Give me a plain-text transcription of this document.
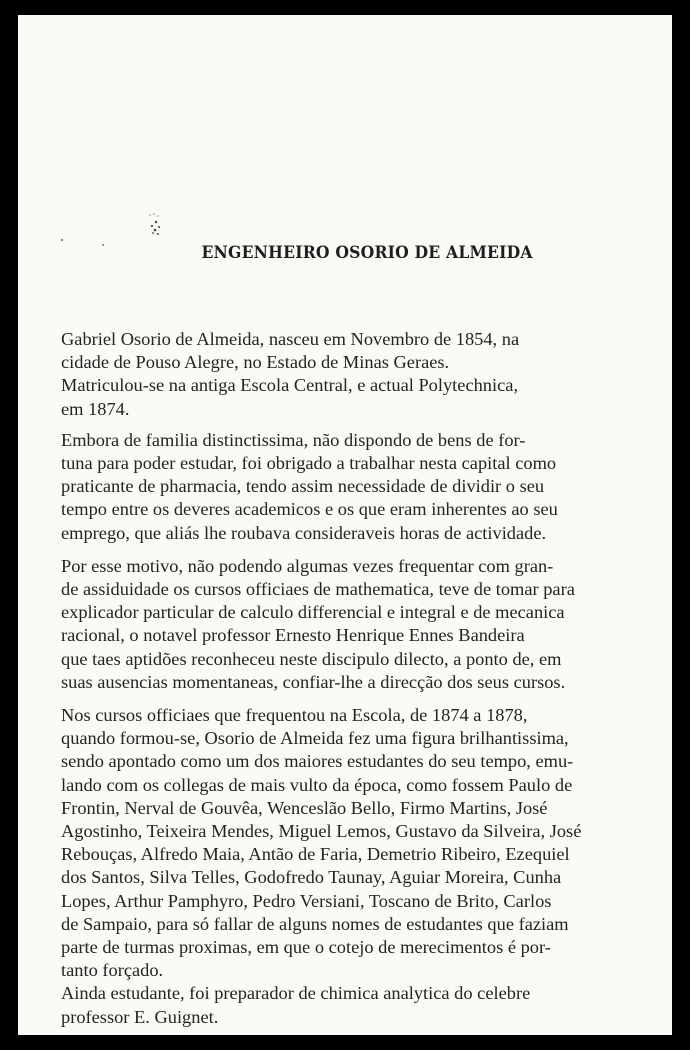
ENGENHEIRO OSORIO DE ALMEIDA

Gabriel Osorio de Almeida, nasceu em Novembro de 1854, na
cidade de Pouso Alegre, no Estado de Minas Geraes.

Matriculou-se na antiga Escola Central, e actual Polytechnica,
em 1874.

Embora de familia distinctissima, não dispondo de bens de for-
tuna para poder estudar, foi obrigado a trabalhar nesta capital como
praticante de pharmacia, tendo assim necessidade de dividir o seu
tempo entre os deveres academicos e os que eram inherentes ao seu
emprego, que aliás lhe roubava consideraveis horas de actividade.

Por esse motivo, não podendo algumas vezes frequentar com gran-
de assiduidade os cursos officiaes de mathematica, teve de tomar para
explicador particular de calculo differencial e integral e de mecanica
racional, o notavel professor Ernesto Henrique Ennes Bandeira
que taes aptidões reconheceu neste discipulo dilecto, a ponto de, em
suas ausencias momentaneas, confiar-lhe a direcção dos seus cursos.

Nos cursos officiaes que frequentou na Escola, de 1874 a 1878,
quando formou-se, Osorio de Almeida fez uma figura brilhantissima,
sendo apontado como um dos maiores estudantes do seu tempo, emu-
lando com os collegas de mais vulto da época, como fossem Paulo de
Frontin, Nerval de Gouvêa, Wenceslão Bello, Firmo Martins, José
Agostinho, Teixeira Mendes, Miguel Lemos, Gustavo da Silveira, José
Rebouças, Alfredo Maia, Antão de Faria, Demetrio Ribeiro, Ezequiel
dos Santos, Silva Telles, Godofredo Taunay, Aguiar Moreira, Cunha
Lopes, Arthur Pamphyro, Pedro Versiani, Toscano de Brito, Carlos
de Sampaio, para só fallar de alguns nomes de estudantes que faziam
parte de turmas proximas, em que o cotejo de merecimentos é por-
tanto forçado.

Ainda estudante, foi preparador de chimica analytica do celebre
professor E. Guignet.
